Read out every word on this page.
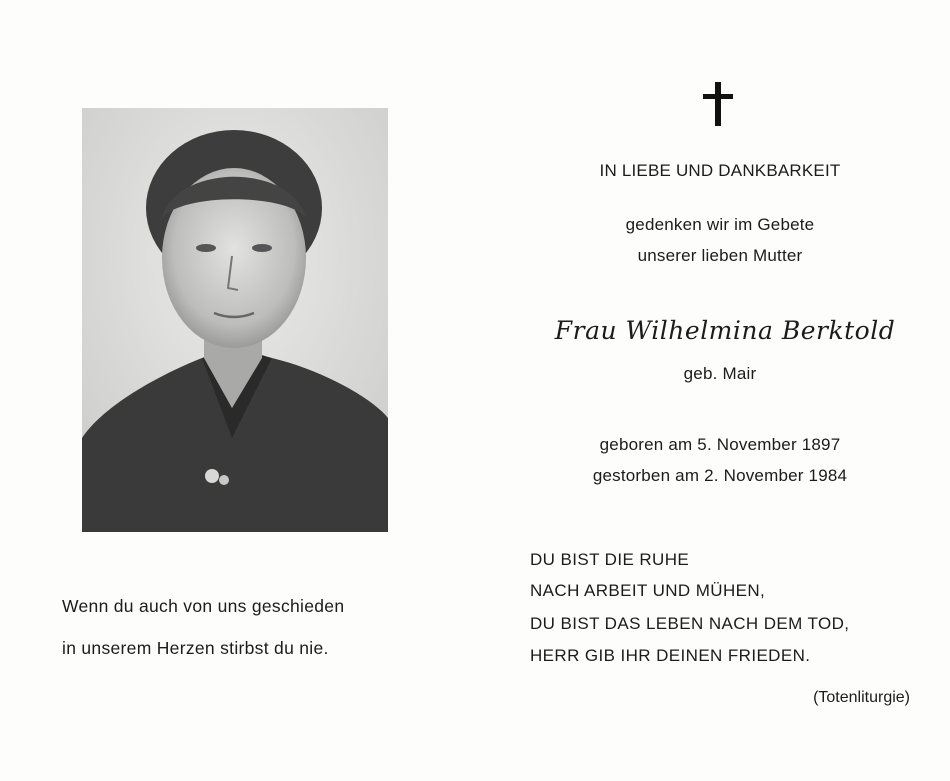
IN LIEBE UND DANKBARKEIT
gedenken wir im Gebete
unserer lieben Mutter
Frau Wilhelmina Berktold
geb. Mair
geboren am 5. November 1897
gestorben am 2. November 1984
Wenn du auch von uns geschieden
in unserem Herzen stirbst du nie.
DU BIST DIE RUHE
NACH ARBEIT UND MÜHEN,
DU BIST DAS LEBEN NACH DEM TOD,
HERR GIB IHR DEINEN FRIEDEN.
(Totenliturgie)
